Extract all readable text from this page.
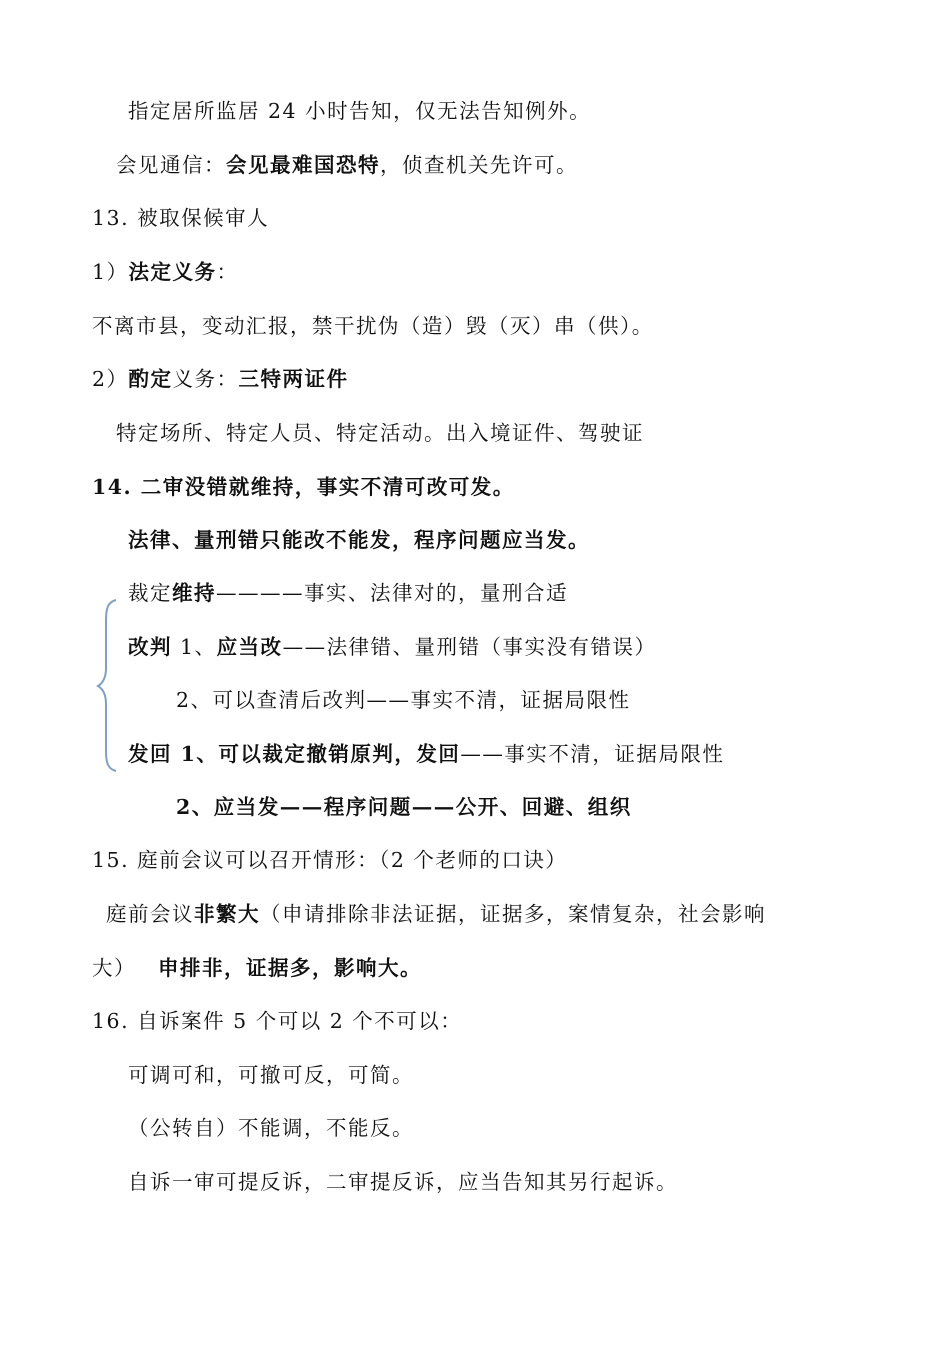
指定居所监居 24 小时告知，仅无法告知例外。
会见通信：会见最难国恐特，侦查机关先许可。
13. 被取保候审人
1）法定义务：
不离市县，变动汇报，禁干扰伪（造）毁（灭）串（供）。
2）酌定义务：三特两证件
特定场所、特定人员、特定活动。出入境证件、驾驶证
14. 二审没错就维持，事实不清可改可发。
法律、量刑错只能改不能发，程序问题应当发。
裁定维持————事实、法律对的，量刑合适
改判 1、应当改——法律错、量刑错（事实没有错误）
2、可以查清后改判——事实不清，证据局限性
发回 1、可以裁定撤销原判，发回——事实不清，证据局限性
2、应当发——程序问题——公开、回避、组织
15. 庭前会议可以召开情形：（2 个老师的口诀）
庭前会议非繁大（申请排除非法证据，证据多，案情复杂，社会影响
大） 申排非，证据多，影响大。
16. 自诉案件 5 个可以 2 个不可以：
可调可和，可撤可反，可简。
（公转自）不能调，不能反。
自诉一审可提反诉，二审提反诉，应当告知其另行起诉。
